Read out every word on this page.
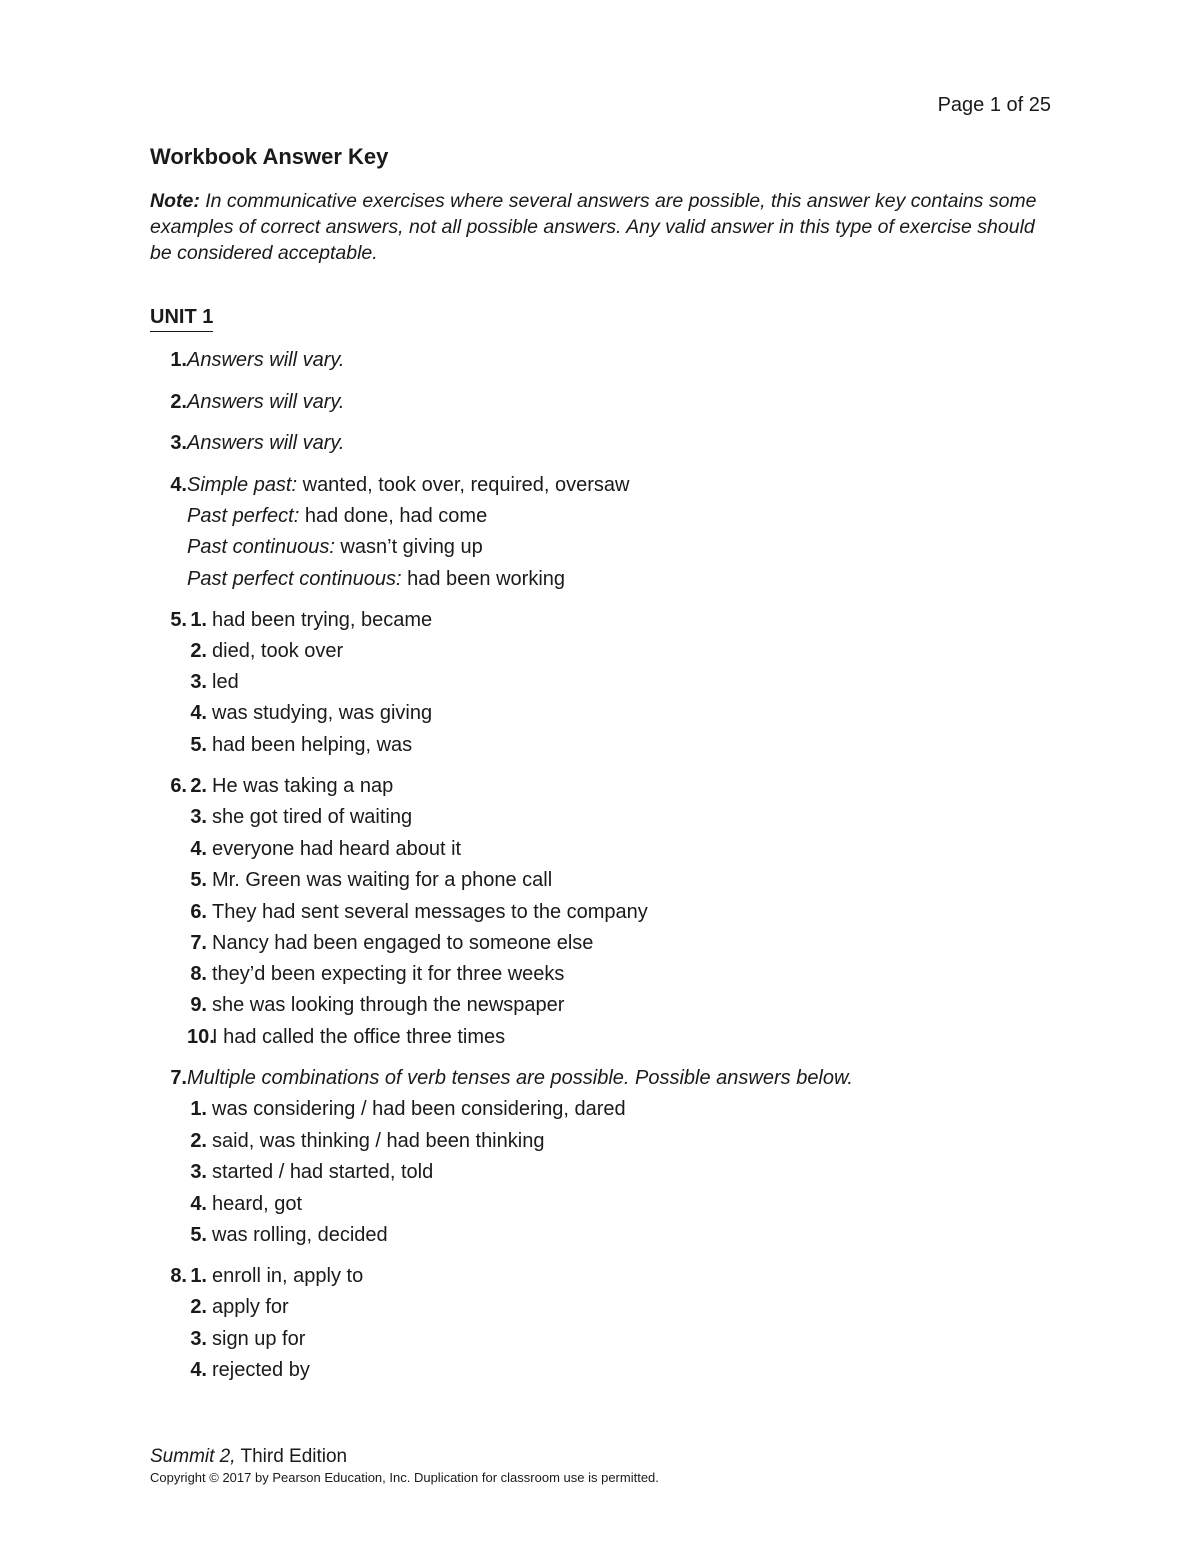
Page 1 of 25
Workbook Answer Key
Note: In communicative exercises where several answers are possible, this answer key contains some examples of correct answers, not all possible answers. Any valid answer in this type of exercise should be considered acceptable.
UNIT 1
1. Answers will vary.
2. Answers will vary.
3. Answers will vary.
4. Simple past: wanted, took over, required, oversaw
Past perfect: had done, had come
Past continuous: wasn’t giving up
Past perfect continuous: had been working
5. 1. had been trying, became
2. died, took over
3. led
4. was studying, was giving
5. had been helping, was
6. 2. He was taking a nap
3. she got tired of waiting
4. everyone had heard about it
5. Mr. Green was waiting for a phone call
6. They had sent several messages to the company
7. Nancy had been engaged to someone else
8. they’d been expecting it for three weeks
9. she was looking through the newspaper
10.
I had called the office three times
7. Multiple combinations of verb tenses are possible. Possible answers below.
1. was considering / had been considering, dared
2. said, was thinking / had been thinking
3. started / had started, told
4. heard, got
5. was rolling, decided
8. 1. enroll in, apply to
2. apply for
3. sign up for
4. rejected by
Summit 2, Third Edition
Copyright © 2017 by Pearson Education, Inc. Duplication for classroom use is permitted.
